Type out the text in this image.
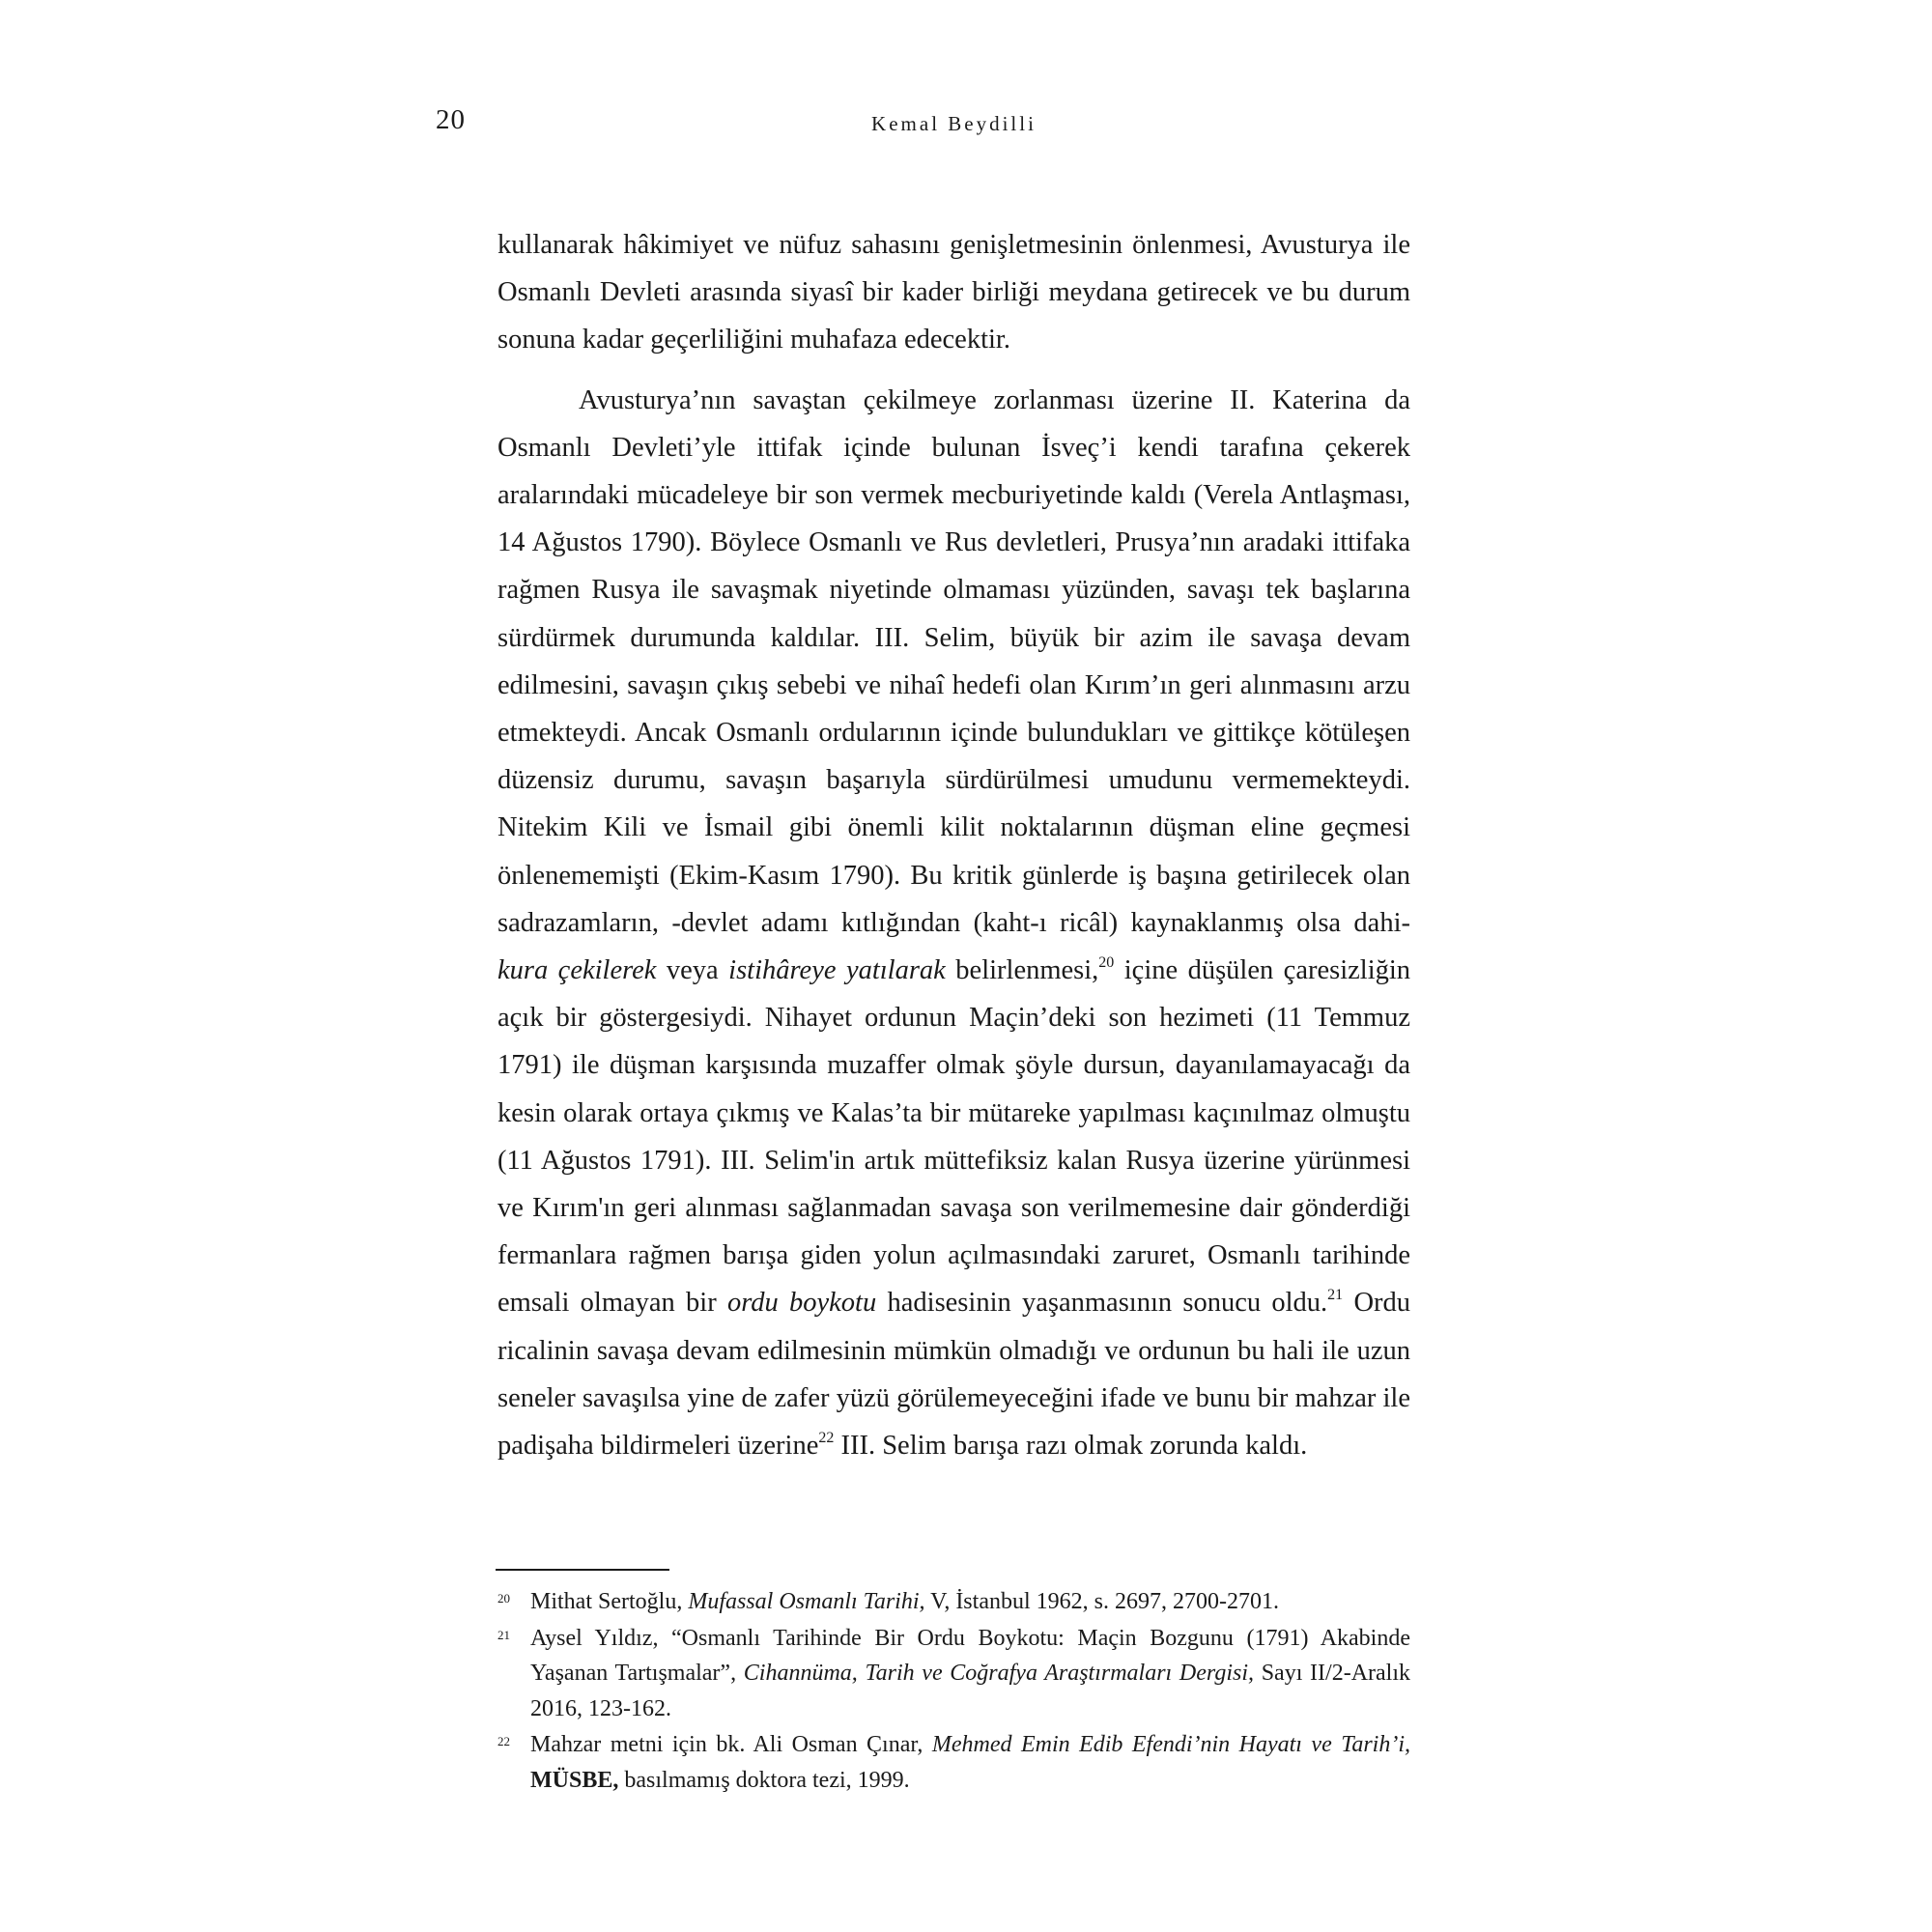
20	Kemal Beydilli

kullanarak hâkimiyet ve nüfuz sahasını genişletmesinin önlenmesi, Avusturya ile Osmanlı Devleti arasında siyasî bir kader birliği meydana getirecek ve bu durum sonuna kadar geçerliliğini muhafaza edecektir.

Avusturya’nın savaştan çekilmeye zorlanması üzerine II. Katerina da Osmanlı Devleti’yle ittifak içinde bulunan İsveç’i kendi tarafına çekerek aralarındaki mücadeleye bir son vermek mecburiyetinde kaldı (Verela Antlaşması, 14 Ağustos 1790). Böylece Osmanlı ve Rus devletleri, Prusya’nın aradaki ittifaka rağmen Rusya ile savaşmak niyetinde olmaması yüzünden, savaşı tek başlarına sürdürmek durumunda kaldılar. III. Selim, büyük bir azim ile savaşa devam edilmesini, savaşın çıkış sebebi ve nihaî hedefi olan Kırım’ın geri alınmasını arzu etmekteydi. Ancak Osmanlı ordularının içinde bulundukları ve gittikçe kötüleşen düzensiz durumu, savaşın başarıyla sürdürülmesi umudunu vermemekteydi. Nitekim Kili ve İsmail gibi önemli kilit noktalarının düşman eline geçmesi önlenememişti (Ekim-Kasım 1790). Bu kritik günlerde iş başına getirilecek olan sadrazamların, -devlet adamı kıtlığından (kaht-ı ricâl) kaynaklanmış olsa dahi- kura çekilerek veya istihâreye yatılarak belirlenmesi,$^{20}$ içine düşülen çaresizliğin açık bir göstergesiydi. Nihayet ordunun Maçin’deki son hezimeti (11 Temmuz 1791) ile düşman karşısında muzaffer olmak şöyle dursun, dayanılamayacağı da kesin olarak ortaya çıkmış ve Kalas’ta bir mütareke yapılması kaçınılmaz olmuştu (11 Ağustos 1791). III. Selim'in artık müttefiksiz kalan Rusya üzerine yürünmesi ve Kırım'ın geri alınması sağlanmadan savaşa son verilmemesine dair gönderdiği fermanlara rağmen barışa giden yolun açılmasındaki zaruret, Osmanlı tarihinde emsali olmayan bir ordu boykotu hadisesinin yaşanmasının sonucu oldu.$^{21}$ Ordu ricalinin savaşa devam edilmesinin mümkün olmadığı ve ordunun bu hali ile uzun seneler savaşılsa yine de zafer yüzü görülemeyeceğini ifade ve bunu bir mahzar ile padişaha bildirmeleri üzerine$^{22}$ III. Selim barışa razı olmak zorunda kaldı.

20 Mithat Sertoğlu, Mufassal Osmanlı Tarihi, V, İstanbul 1962, s. 2697, 2700-2701.

21 Aysel Yıldız, “Osmanlı Tarihinde Bir Ordu Boykotu: Maçin Bozgunu (1791) Akabinde Yaşanan Tartışmalar”, Cihannüma, Tarih ve Coğrafya Araştırmaları Dergisi, Sayı II/2-Aralık 2016, 123-162.

22 Mahzar metni için bk. Ali Osman Çınar, Mehmed Emin Edib Efendi’nin Hayatı ve Tarih’i, MÜSBE, basılmamış doktora tezi, 1999.
